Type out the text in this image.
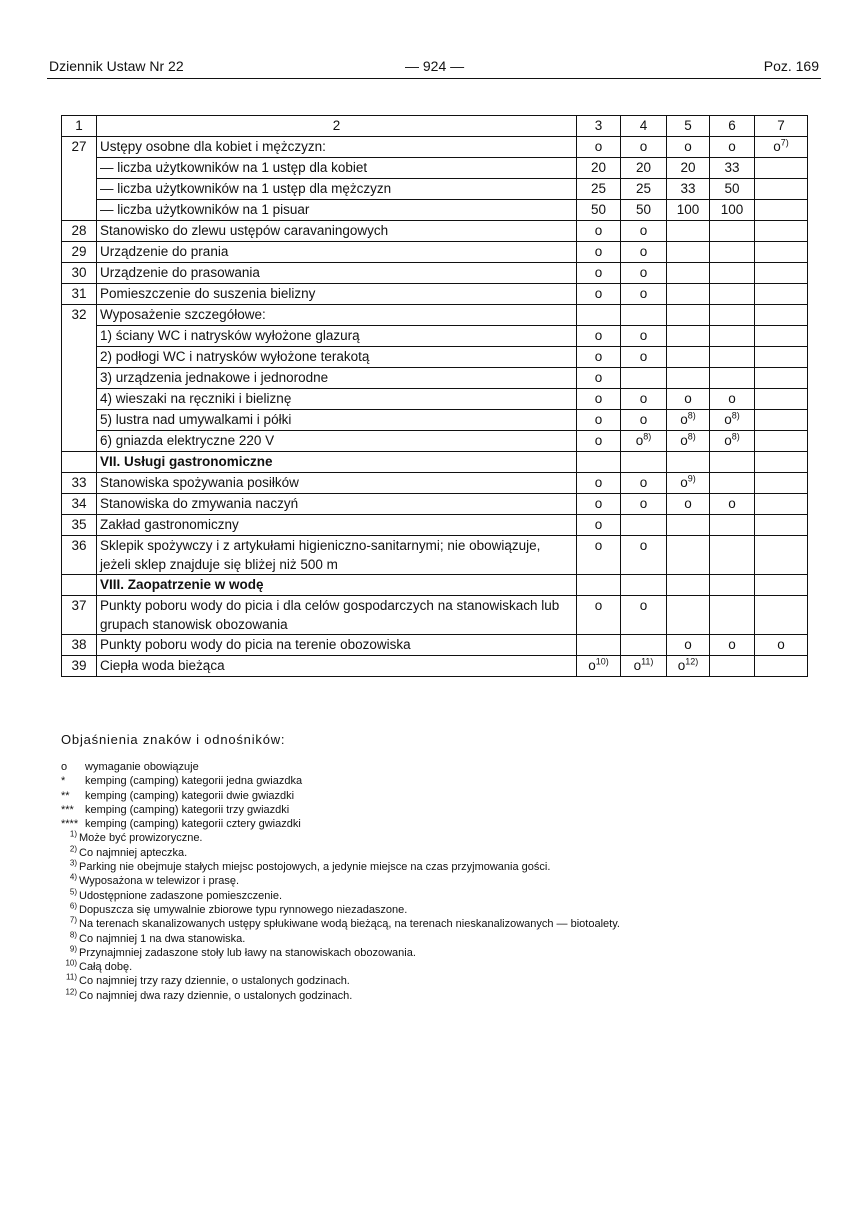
Dziennik Ustaw Nr 22	— 924 —	Poz. 169
1	2	3	4	5	6	7
27	Ustępy osobne dla kobiet i mężczyzn:	o	o	o	o	$o^{7)}$
	— liczba użytkowników na 1 ustęp dla kobiet	20	20	20	33	
	— liczba użytkowników na 1 ustęp dla mężczyzn	25	25	33	50	
	— liczba użytkowników na 1 pisuar	50	50	100	100	
28	Stanowisko do zlewu ustępów caravaningowych	o	o			
29	Urządzenie do prania	o	o			
30	Urządzenie do prasowania	o	o			
31	Pomieszczenie do suszenia bielizny	o	o			
32	Wyposażenie szczegółowe:					
	1) ściany WC i natrysków wyłożone glazurą	o	o			
	2) podłogi WC i natrysków wyłożone terakotą	o	o			
	3) urządzenia jednakowe i jednorodne	o				
	4) wieszaki na ręczniki i bieliznę	o	o	o	o	
	5) lustra nad umywalkami i półki	o	o	$o^{8)}$	$o^{8)}$	
	6) gniazda elektryczne 220 V	o	$o^{8)}$	$o^{8)}$	$o^{8)}$	
	VII. Usługi gastronomiczne					
33	Stanowiska spożywania posiłków	o	o	$o^{9)}$		
34	Stanowiska do zmywania naczyń	o	o	o	o	
35	Zakład gastronomiczny	o				
36	Sklepik spożywczy i z artykułami higieniczno-sanitarnymi; nie obowiązuje, jeżeli sklep znajduje się bliżej niż 500 m	o	o			
	VIII. Zaopatrzenie w wodę					
37	Punkty poboru wody do picia i dla celów gospodarczych na stanowiskach lub grupach stanowisk obozowania	o	o			
38	Punkty poboru wody do picia na terenie obozowiska			o	o	o
39	Ciepła woda bieżąca	$o^{10)}$	$o^{11)}$	$o^{12)}$		
Objaśnienia znaków i odnośników:
o wymaganie obowiązuje
* kemping (camping) kategorii jedna gwiazdka
** kemping (camping) kategorii dwie gwiazdki
*** kemping (camping) kategorii trzy gwiazdki
**** kemping (camping) kategorii cztery gwiazdki
$^{1)}$ Może być prowizoryczne.
$^{2)}$ Co najmniej apteczka.
$^{3)}$ Parking nie obejmuje stałych miejsc postojowych, a jedynie miejsce na czas przyjmowania gości.
$^{4)}$ Wyposażona w telewizor i prasę.
$^{5)}$ Udostępnione zadaszone pomieszczenie.
$^{6)}$ Dopuszcza się umywalnie zbiorowe typu rynnowego niezadaszone.
$^{7)}$ Na terenach skanalizowanych ustępy spłukiwane wodą bieżącą, na terenach nieskanalizowanych — biotoalety.
$^{8)}$ Co najmniej 1 na dwa stanowiska.
$^{9)}$ Przynajmniej zadaszone stoły lub ławy na stanowiskach obozowania.
$^{10)}$ Całą dobę.
$^{11)}$ Co najmniej trzy razy dziennie, o ustalonych godzinach.
$^{12)}$ Co najmniej dwa razy dziennie, o ustalonych godzinach.
